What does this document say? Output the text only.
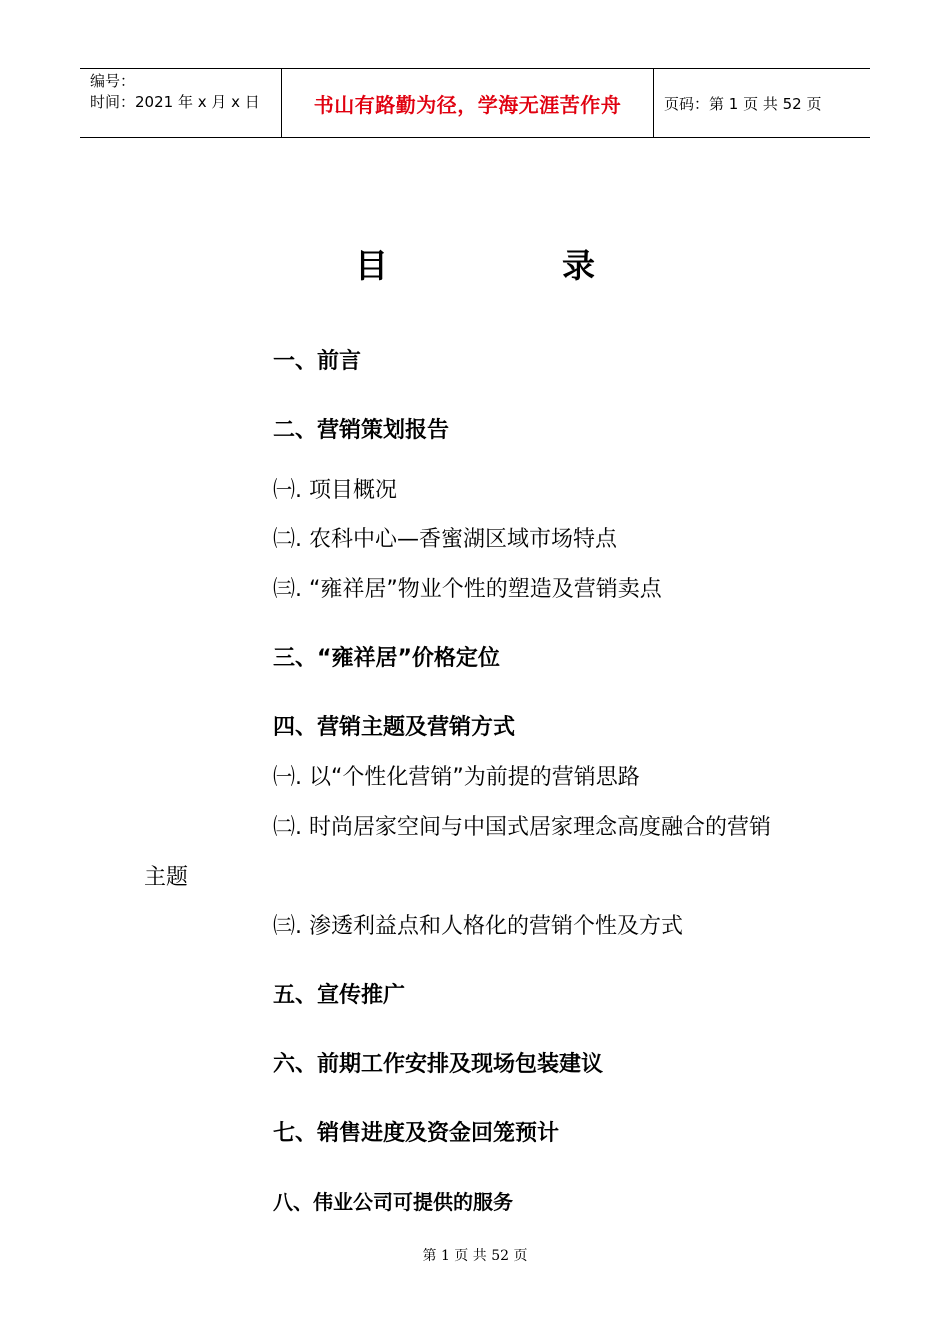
编号：
时间：2021 年 x 月 x 日	书山有路勤为径，学海无涯苦作舟	页码：第 1 页 共 52 页
目	录
一、前言
二、营销策划报告
㈠. 项目概况
㈡. 农科中心—香蜜湖区域市场特点
㈢. “雍祥居”物业个性的塑造及营销卖点
三、“雍祥居”价格定位
四、营销主题及营销方式
㈠. 以“个性化营销”为前提的营销思路
㈡. 时尚居家空间与中国式居家理念高度融合的营销
主题
㈢. 渗透利益点和人格化的营销个性及方式
五、宣传推广
六、前期工作安排及现场包装建议
七、销售进度及资金回笼预计
八、伟业公司可提供的服务
第 1 页 共 52 页
